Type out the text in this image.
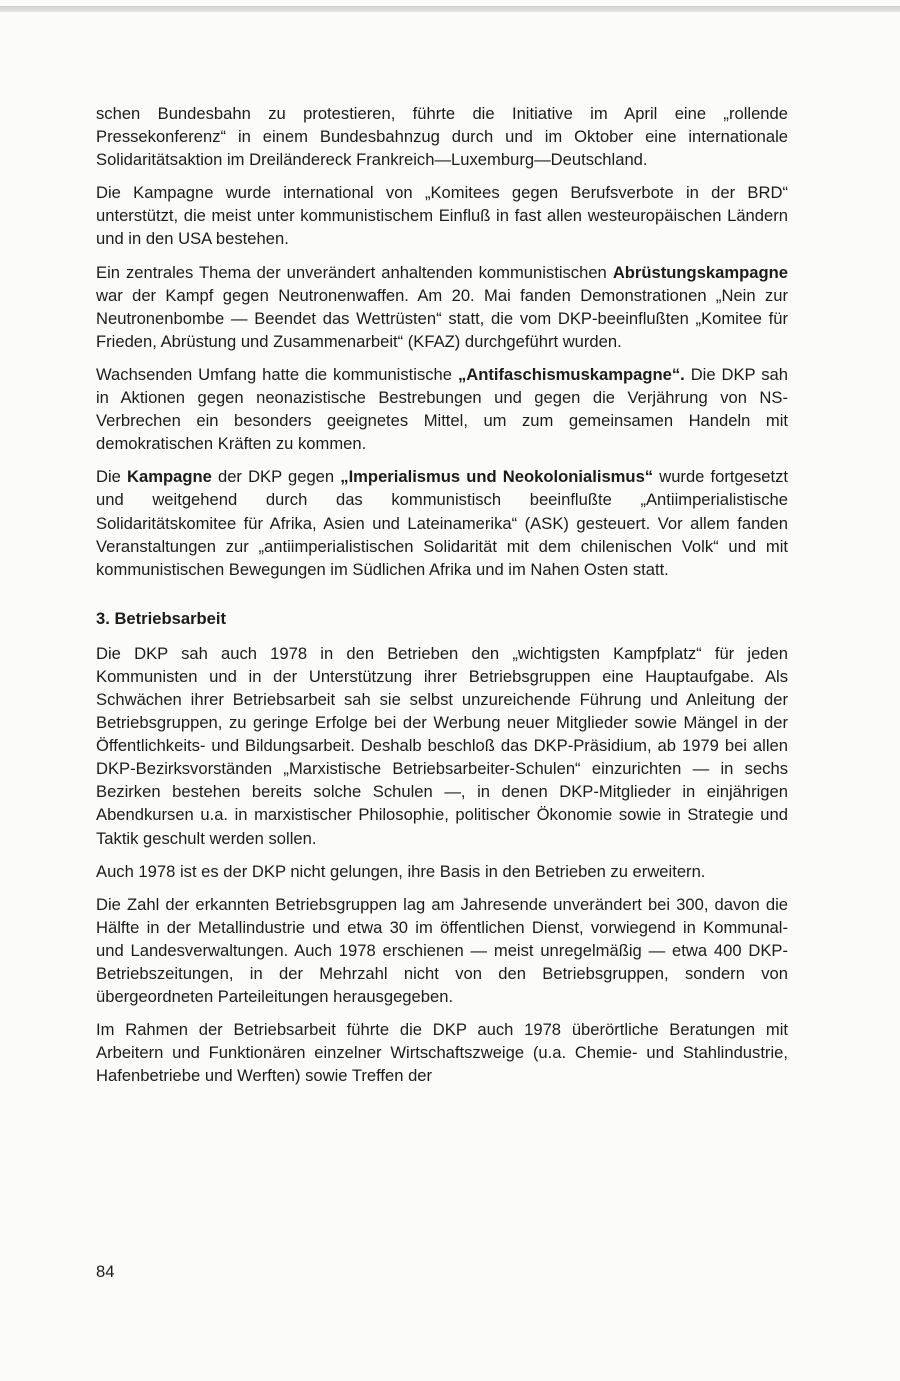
schen Bundesbahn zu protestieren, führte die Initiative im April eine „rollende Pressekonferenz“ in einem Bundesbahnzug durch und im Oktober eine internationale Solidaritätsaktion im Dreiländereck Frankreich—Luxemburg—Deutschland.

Die Kampagne wurde international von „Komitees gegen Berufsverbote in der BRD“ unterstützt, die meist unter kommunistischem Einfluß in fast allen westeuropäischen Ländern und in den USA bestehen.

Ein zentrales Thema der unverändert anhaltenden kommunistischen Abrüstungskampagne war der Kampf gegen Neutronenwaffen. Am 20. Mai fanden Demonstrationen „Nein zur Neutronenbombe — Beendet das Wettrüsten“ statt, die vom DKP-beeinflußten „Komitee für Frieden, Abrüstung und Zusammenarbeit“ (KFAZ) durchgeführt wurden.

Wachsenden Umfang hatte die kommunistische „Antifaschismuskampagne“. Die DKP sah in Aktionen gegen neonazistische Bestrebungen und gegen die Verjährung von NS-Verbrechen ein besonders geeignetes Mittel, um zum gemeinsamen Handeln mit demokratischen Kräften zu kommen.

Die Kampagne der DKP gegen „Imperialismus und Neokolonialismus“ wurde fortgesetzt und weitgehend durch das kommunistisch beeinflußte „Antiimperialistische Solidaritätskomitee für Afrika, Asien und Lateinamerika“ (ASK) gesteuert. Vor allem fanden Veranstaltungen zur „antiimperialistischen Solidarität mit dem chilenischen Volk“ und mit kommunistischen Bewegungen im Südlichen Afrika und im Nahen Osten statt.

3. Betriebsarbeit

Die DKP sah auch 1978 in den Betrieben den „wichtigsten Kampfplatz“ für jeden Kommunisten und in der Unterstützung ihrer Betriebsgruppen eine Hauptaufgabe. Als Schwächen ihrer Betriebsarbeit sah sie selbst unzureichende Führung und Anleitung der Betriebsgruppen, zu geringe Erfolge bei der Werbung neuer Mitglieder sowie Mängel in der Öffentlichkeits- und Bildungsarbeit. Deshalb beschloß das DKP-Präsidium, ab 1979 bei allen DKP-Bezirksvorständen „Marxistische Betriebsarbeiter-Schulen“ einzurichten — in sechs Bezirken bestehen bereits solche Schulen —, in denen DKP-Mitglieder in einjährigen Abendkursen u.a. in marxistischer Philosophie, politischer Ökonomie sowie in Strategie und Taktik geschult werden sollen.

Auch 1978 ist es der DKP nicht gelungen, ihre Basis in den Betrieben zu erweitern.

Die Zahl der erkannten Betriebsgruppen lag am Jahresende unverändert bei 300, davon die Hälfte in der Metallindustrie und etwa 30 im öffentlichen Dienst, vorwiegend in Kommunal- und Landesverwaltungen. Auch 1978 erschienen — meist unregelmäßig — etwa 400 DKP-Betriebszeitungen, in der Mehrzahl nicht von den Betriebsgruppen, sondern von übergeordneten Parteileitungen herausgegeben.

Im Rahmen der Betriebsarbeit führte die DKP auch 1978 überörtliche Beratungen mit Arbeitern und Funktionären einzelner Wirtschaftszweige (u.a. Chemie- und Stahlindustrie, Hafenbetriebe und Werften) sowie Treffen der

84
